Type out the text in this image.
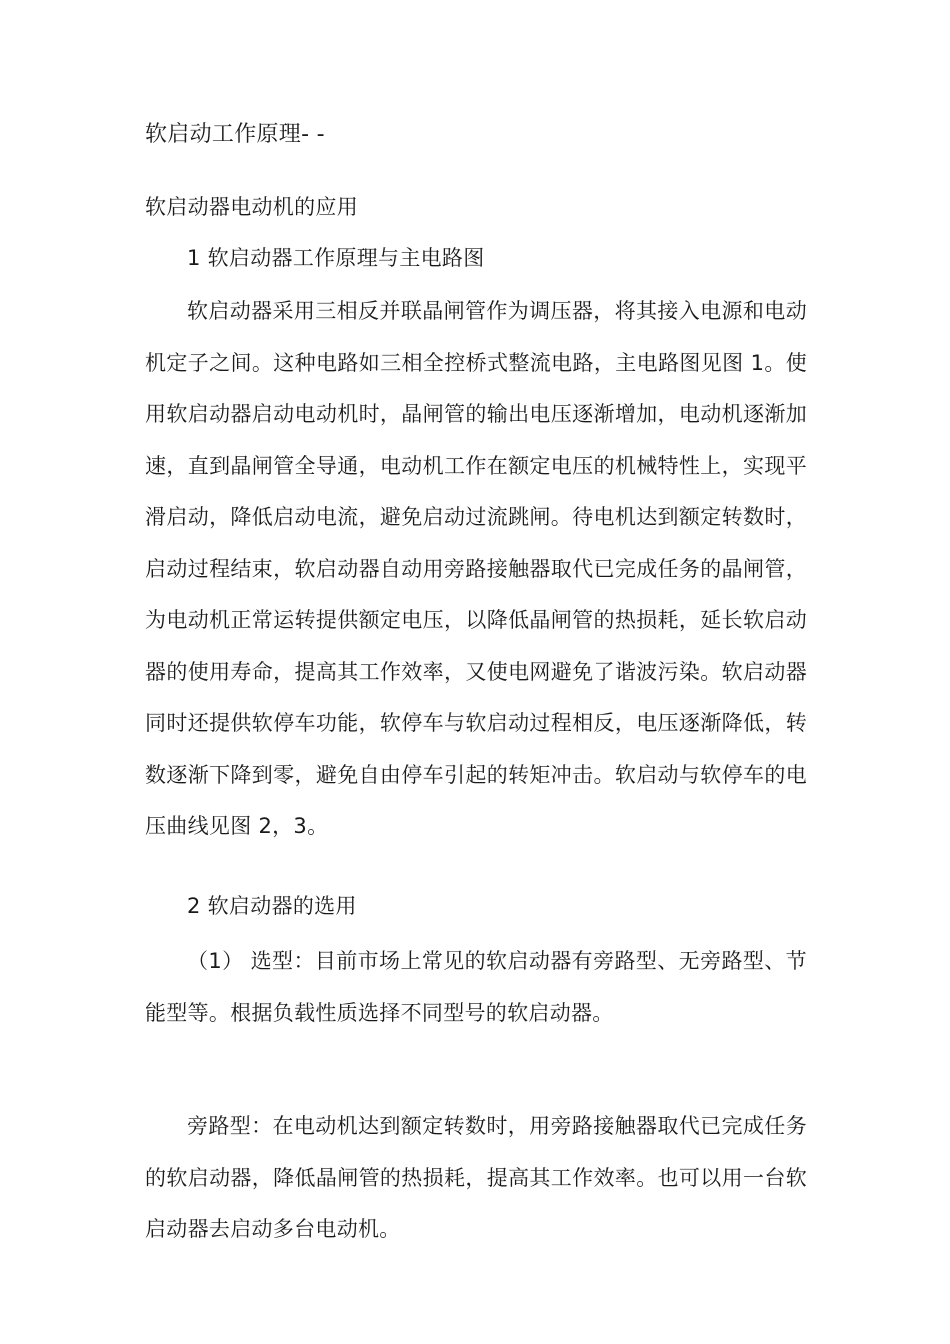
软启动工作原理- -
软启动器电动机的应用
1 软启动器工作原理与主电路图
软启动器采用三相反并联晶闸管作为调压器，将其接入电源和电动机定子之间。这种电路如三相全控桥式整流电路，主电路图见图 1。使用软启动器启动电动机时，晶闸管的输出电压逐渐增加，电动机逐渐加速，直到晶闸管全导通，电动机工作在额定电压的机械特性上，实现平滑启动，降低启动电流，避免启动过流跳闸。待电机达到额定转数时，启动过程结束，软启动器自动用旁路接触器取代已完成任务的晶闸管，为电动机正常运转提供额定电压，以降低晶闸管的热损耗，延长软启动器的使用寿命，提高其工作效率，又使电网避免了谐波污染。软启动器同时还提供软停车功能，软停车与软启动过程相反，电压逐渐降低，转数逐渐下降到零，避免自由停车引起的转矩冲击。软启动与软停车的电压曲线见图 2，3。
2 软启动器的选用
（1） 选型：目前市场上常见的软启动器有旁路型、无旁路型、节能型等。根据负载性质选择不同型号的软启动器。
旁路型：在电动机达到额定转数时，用旁路接触器取代已完成任务的软启动器，降低晶闸管的热损耗，提高其工作效率。也可以用一台软启动器去启动多台电动机。
